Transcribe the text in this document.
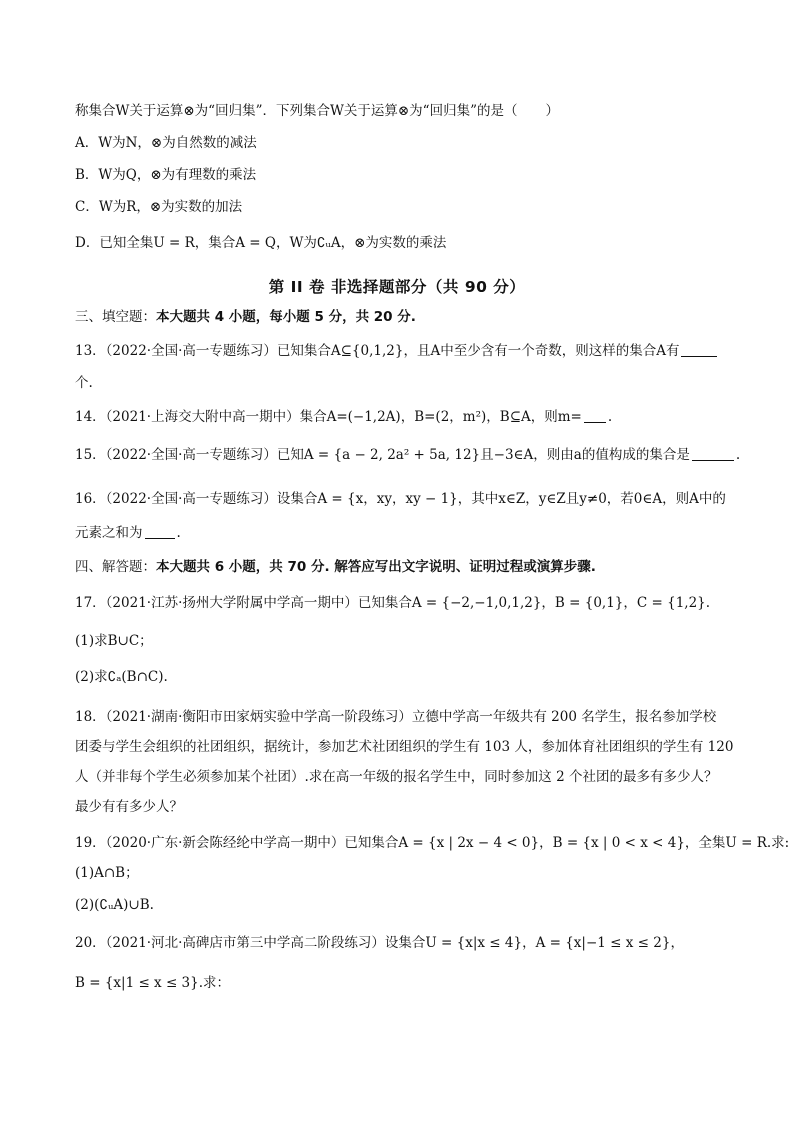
称集合W关于运算⊗为“回归集”．下列集合W关于运算⊗为“回归集”的是（ ）
A．W为N，⊗为自然数的减法
B．W为Q，⊗为有理数的乘法
C．W为R，⊗为实数的加法
D．已知全集U = R，集合A = Q，W为∁ᵤA，⊗为实数的乘法
第 II 卷 非选择题部分（共 90 分）
三、填空题：本大题共 4 小题，每小题 5 分，共 20 分.
13．（2022·全国·高一专题练习）已知集合A⊆{0,1,2}，且A中至少含有一个奇数，则这样的集合A有
个.
14．（2021·上海交大附中高一期中）集合A=(−1,2A)，B=(2，m²)，B⊆A，则m= .
15．（2022·全国·高一专题练习）已知A = {a − 2, 2a² + 5a, 12}且−3∈A，则由a的值构成的集合是	.
16．（2022·全国·高一专题练习）设集合A = {x，xy，xy − 1}，其中x∈Z，y∈Z且y≠0，若0∈A，则A中的
元素之和为	.
四、解答题：本大题共 6 小题，共 70 分. 解答应写出文字说明、证明过程或演算步骤.
17．（2021·江苏·扬州大学附属中学高一期中）已知集合A = {−2,−1,0,1,2}，B = {0,1}，C = {1,2}.
(1)求B∪C；
(2)求∁ₐ(B∩C).
18．（2021·湖南·衡阳市田家炳实验中学高一阶段练习）立德中学高一年级共有 200 名学生，报名参加学校
团委与学生会组织的社团组织，据统计，参加艺术社团组织的学生有 103 人，参加体育社团组织的学生有 120
人（并非每个学生必须参加某个社团）.求在高一年级的报名学生中，同时参加这 2 个社团的最多有多少人？
最少有有多少人？
19．（2020·广东·新会陈经纶中学高一期中）已知集合A = {x | 2x − 4 < 0}，B = {x | 0 < x < 4}，全集U = R.求:
(1)A∩B；
(2)(∁ᵤA)∪B.
20．（2021·河北·高碑店市第三中学高二阶段练习）设集合U = {x|x ≤ 4}，A = {x|−1 ≤ x ≤ 2}，
B = {x|1 ≤ x ≤ 3}.求：
